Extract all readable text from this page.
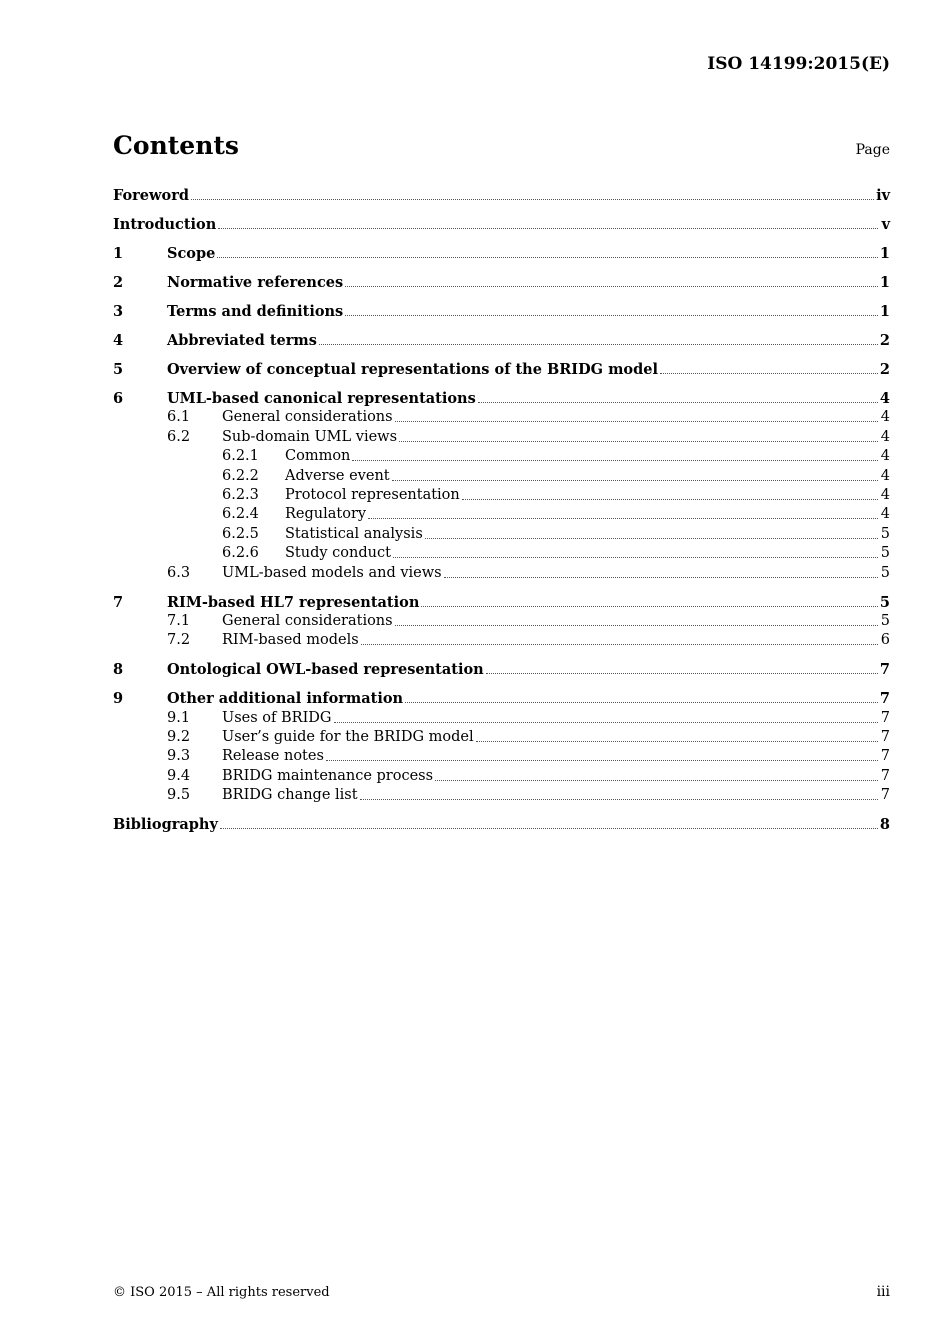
ISO 14199:2015(E)
Contents	Page
Foreword	iv
Introduction	v
1	Scope	1
2	Normative references	1
3	Terms and definitions	1
4	Abbreviated terms	2
5	Overview of conceptual representations of the BRIDG model	2
6	UML-based canonical representations	4
6.1	General considerations	4
6.2	Sub-domain UML views	4
6.2.1	Common	4
6.2.2	Adverse event	4
6.2.3	Protocol representation	4
6.2.4	Regulatory	4
6.2.5	Statistical analysis	5
6.2.6	Study conduct	5
6.3	UML-based models and views	5
7	RIM-based HL7 representation	5
7.1	General considerations	5
7.2	RIM-based models	6
8	Ontological OWL-based representation	7
9	Other additional information	7
9.1	Uses of BRIDG	7
9.2	User’s guide for the BRIDG model	7
9.3	Release notes	7
9.4	BRIDG maintenance process	7
9.5	BRIDG change list	7
Bibliography	8
© ISO 2015 – All rights reserved	iii
